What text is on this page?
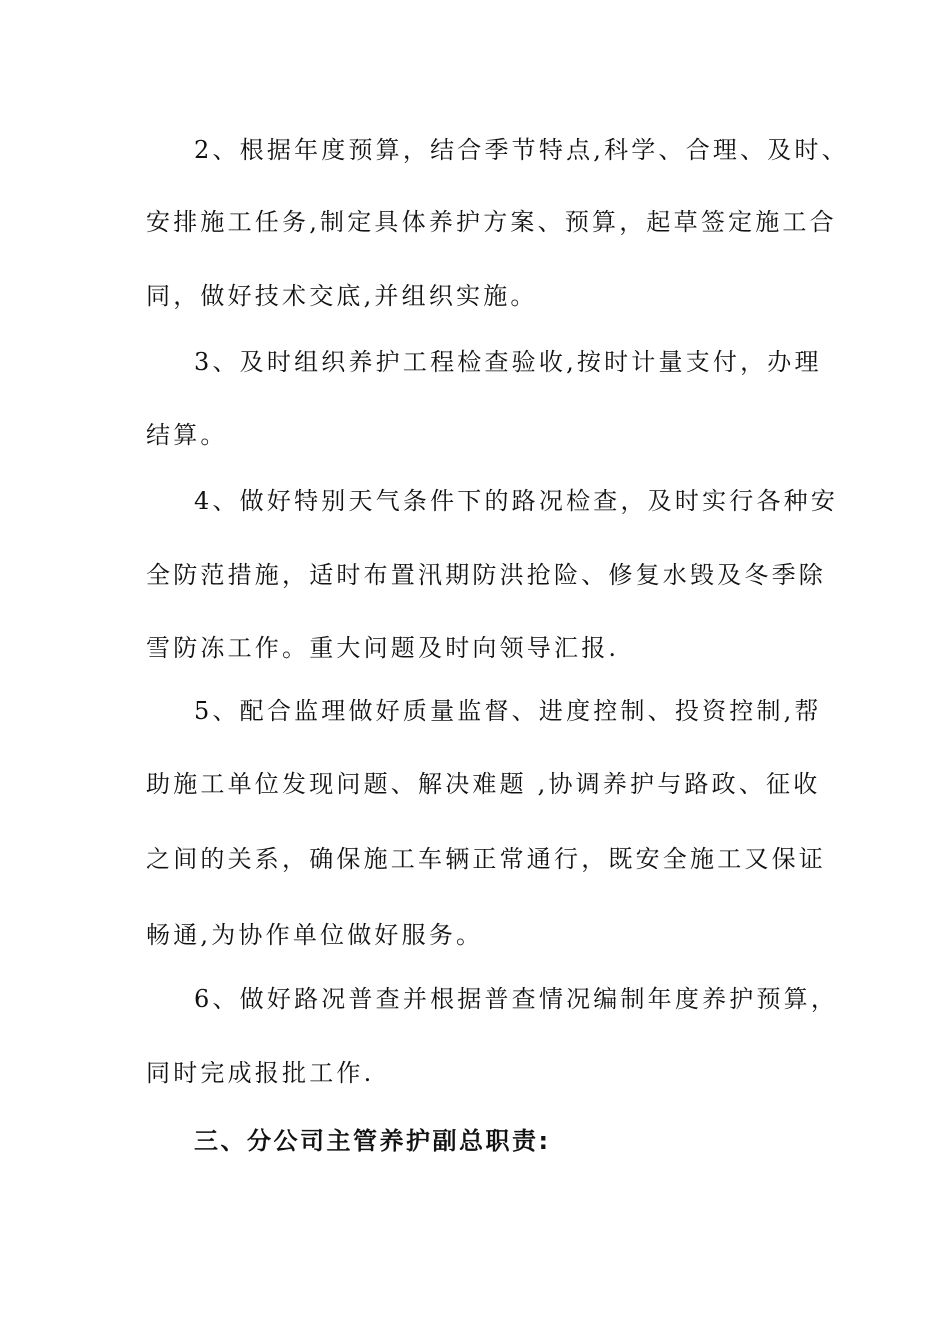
2、根据年度预算，结合季节特点,科学、合理、及时、
安排施工任务,制定具体养护方案、预算，起草签定施工合
同，做好技术交底,并组织实施。
3、及时组织养护工程检查验收,按时计量支付，办理
结算。
4、做好特别天气条件下的路况检查，及时实行各种安
全防范措施，适时布置汛期防洪抢险、修复水毁及冬季除
雪防冻工作。重大问题及时向领导汇报.
5、配合监理做好质量监督、进度控制、投资控制,帮
助施工单位发现问题、解决难题 ,协调养护与路政、征收
之间的关系，确保施工车辆正常通行，既安全施工又保证
畅通,为协作单位做好服务。
6、做好路况普查并根据普查情况编制年度养护预算，
同时完成报批工作.
三、分公司主管养护副总职责:
